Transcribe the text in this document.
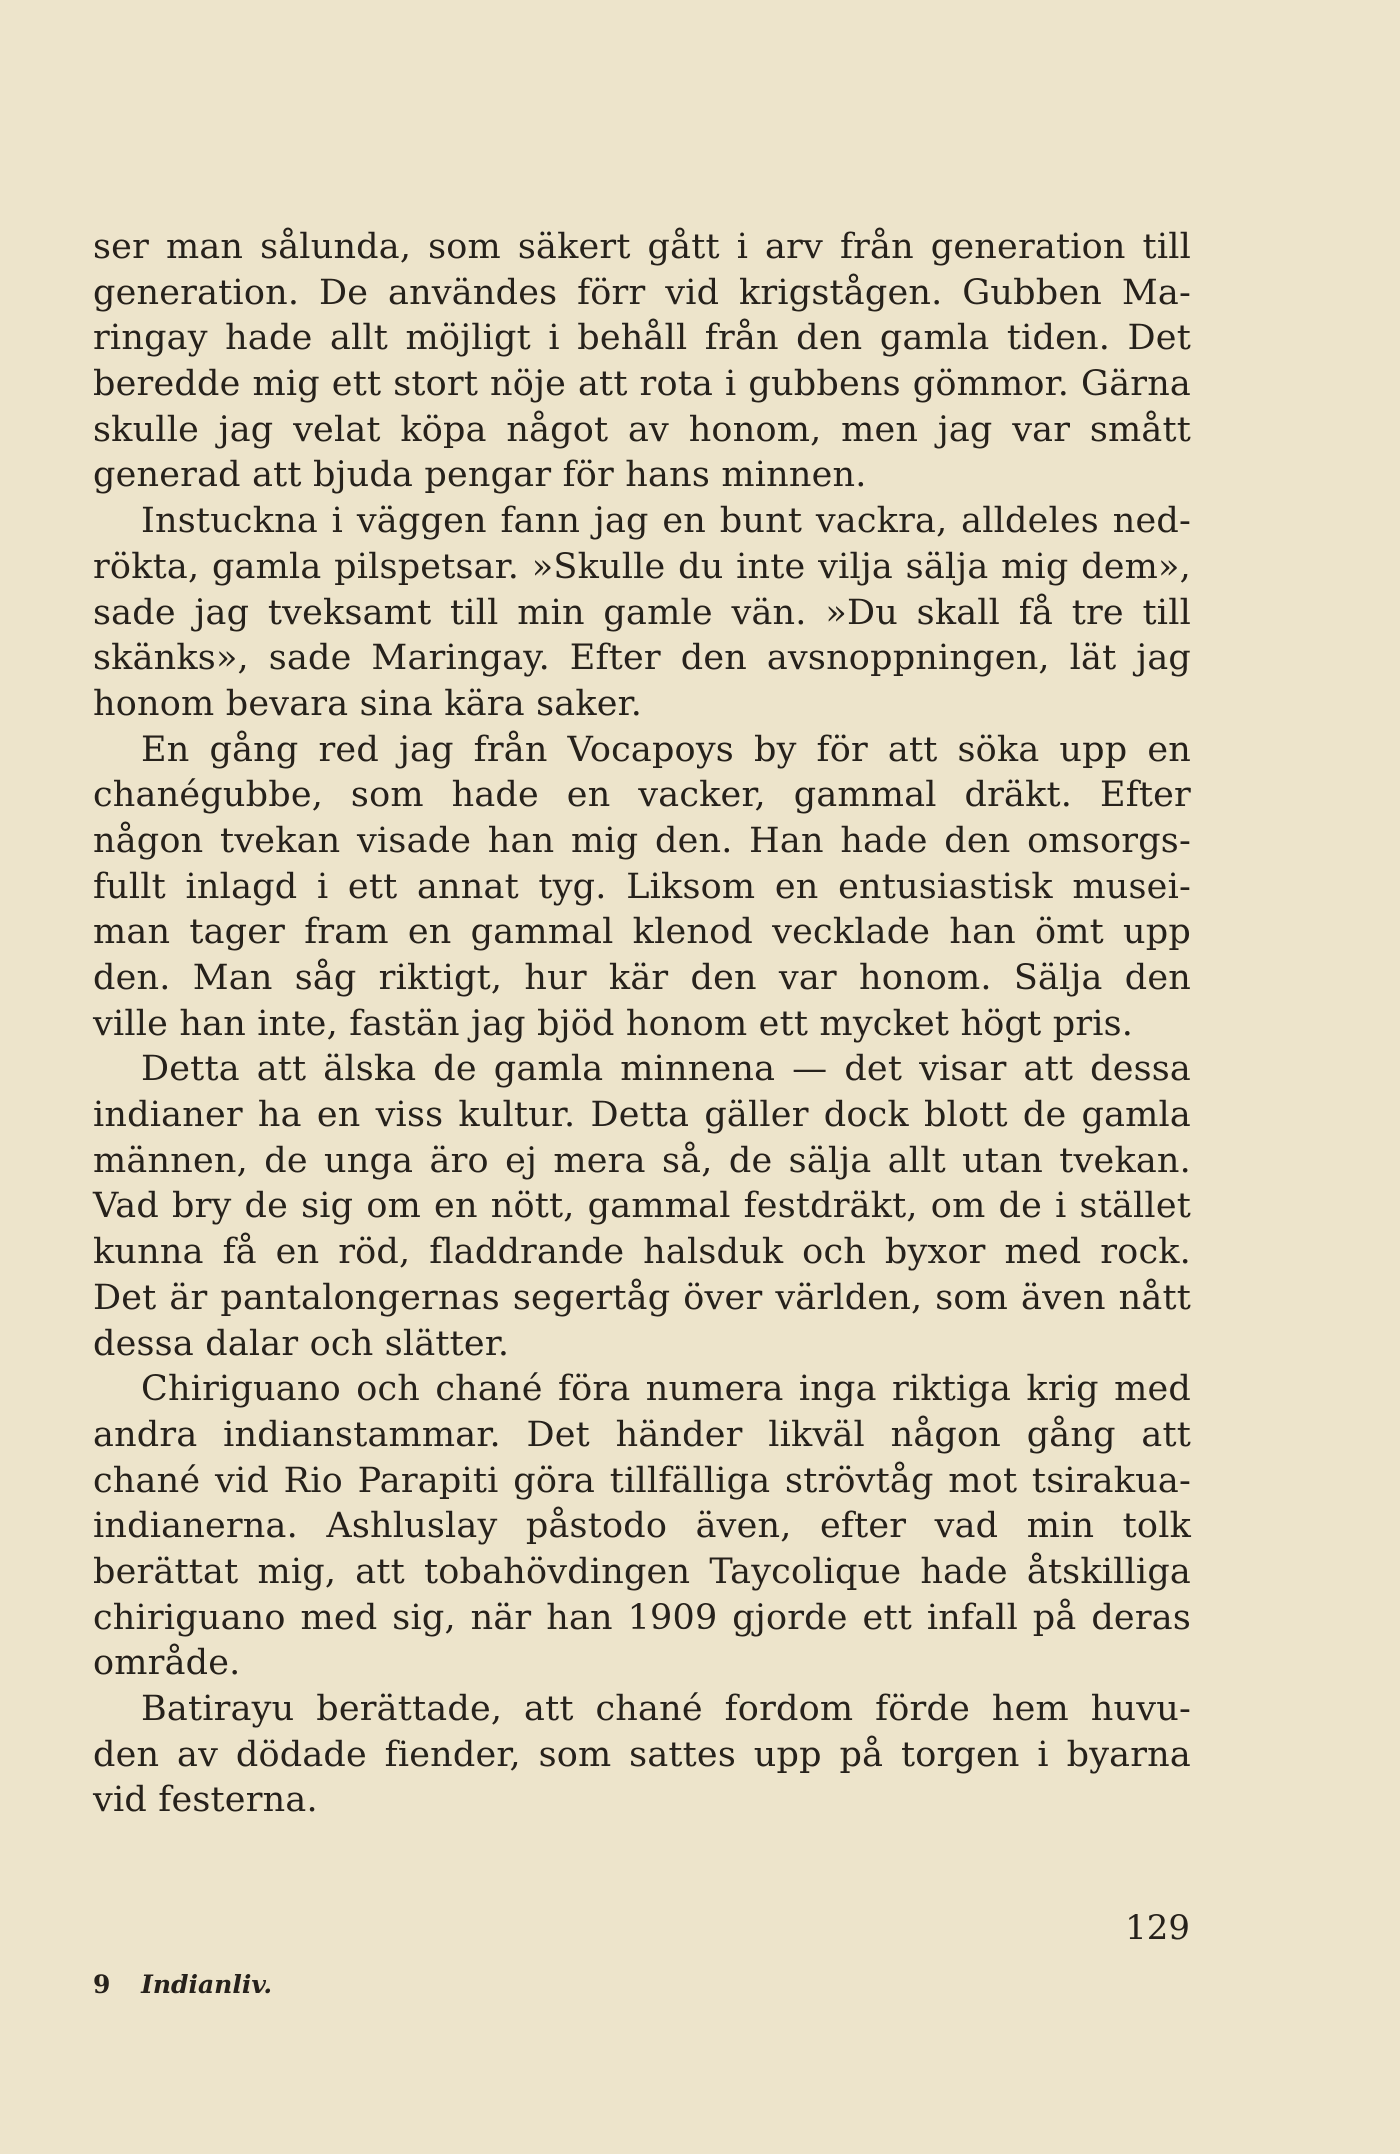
ser man sålunda, som säkert gått i arv från generation till
generation. De användes förr vid krigstågen. Gubben Ma-
ringay hade allt möjligt i behåll från den gamla tiden. Det
beredde mig ett stort nöje att rota i gubbens gömmor. Gärna
skulle jag velat köpa något av honom, men jag var smått
generad att bjuda pengar för hans minnen.
Instuckna i väggen fann jag en bunt vackra, alldeles ned-
rökta, gamla pilspetsar. »Skulle du inte vilja sälja mig dem»,
sade jag tveksamt till min gamle vän. »Du skall få tre till
skänks», sade Maringay. Efter den avsnoppningen, lät jag
honom bevara sina kära saker.
En gång red jag från Vocapoys by för att söka upp en
chanégubbe, som hade en vacker, gammal dräkt. Efter
någon tvekan visade han mig den. Han hade den omsorgs-
fullt inlagd i ett annat tyg. Liksom en entusiastisk musei-
man tager fram en gammal klenod vecklade han ömt upp
den. Man såg riktigt, hur kär den var honom. Sälja den
ville han inte, fastän jag bjöd honom ett mycket högt pris.
Detta att älska de gamla minnena — det visar att dessa
indianer ha en viss kultur. Detta gäller dock blott de gamla
männen, de unga äro ej mera så, de sälja allt utan tvekan.
Vad bry de sig om en nött, gammal festdräkt, om de i stället
kunna få en röd, fladdrande halsduk och byxor med rock.
Det är pantalongernas segertåg över världen, som även nått
dessa dalar och slätter.
Chiriguano och chané föra numera inga riktiga krig med
andra indianstammar. Det händer likväl någon gång att
chané vid Rio Parapiti göra tillfälliga strövtåg mot tsirakua-
indianerna. Ashluslay påstodo även, efter vad min tolk
berättat mig, att tobahövdingen Taycolique hade åtskilliga
chiriguano med sig, när han 1909 gjorde ett infall på deras
område.
Batirayu berättade, att chané fordom förde hem huvu-
den av dödade fiender, som sattes upp på torgen i byarna
vid festerna.
129
9 Indianliv.
